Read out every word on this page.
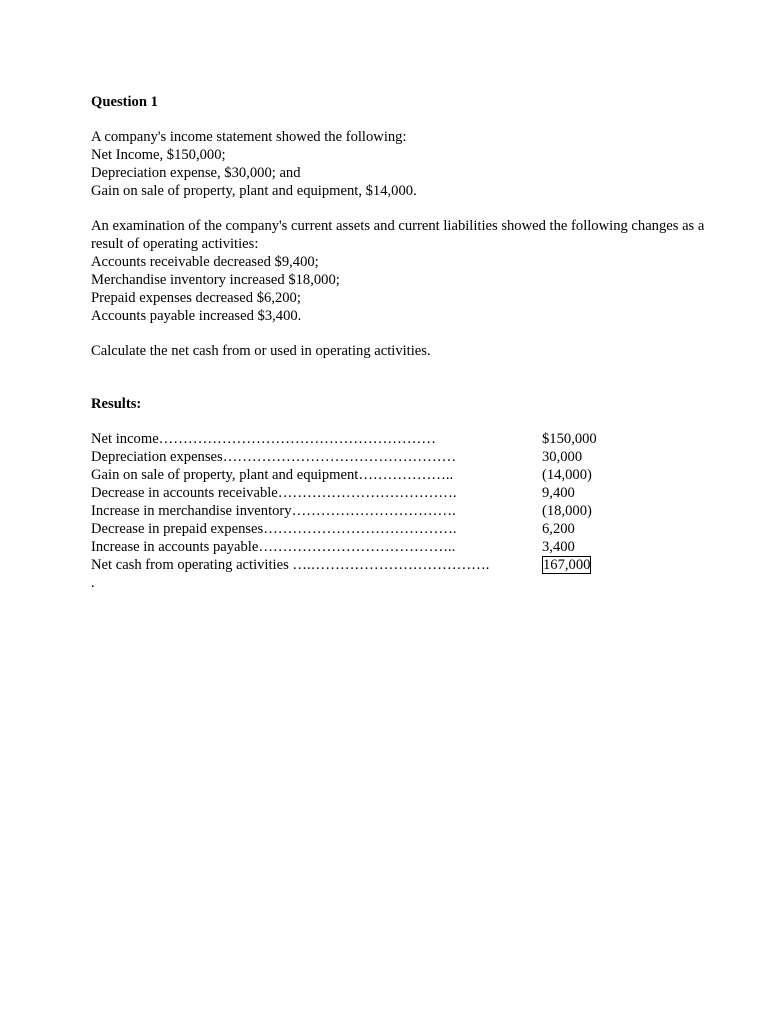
Question 1
A company's income statement showed the following:
Net Income, $150,000;
Depreciation expense, $30,000; and
Gain on sale of property, plant and equipment, $14,000.
An examination of the company's current assets and current liabilities showed the following changes as a result of operating activities:
Accounts receivable decreased $9,400;
Merchandise inventory increased $18,000;
Prepaid expenses decreased $6,200;
Accounts payable increased $3,400.
Calculate the net cash from or used in operating activities.
Results:
Net income…………………………………………………	$150,000
Depreciation expenses…………………………………………	30,000
Gain on sale of property, plant and equipment………………..	(14,000)
Decrease in accounts receivable……………………………….	9,400
Increase in merchandise inventory…………………………….	(18,000)
Decrease in prepaid expenses………………………………….	6,200
Increase in accounts payable…………………………………..	3,400
Net cash from operating activities ….……………………………….	167,000
.
